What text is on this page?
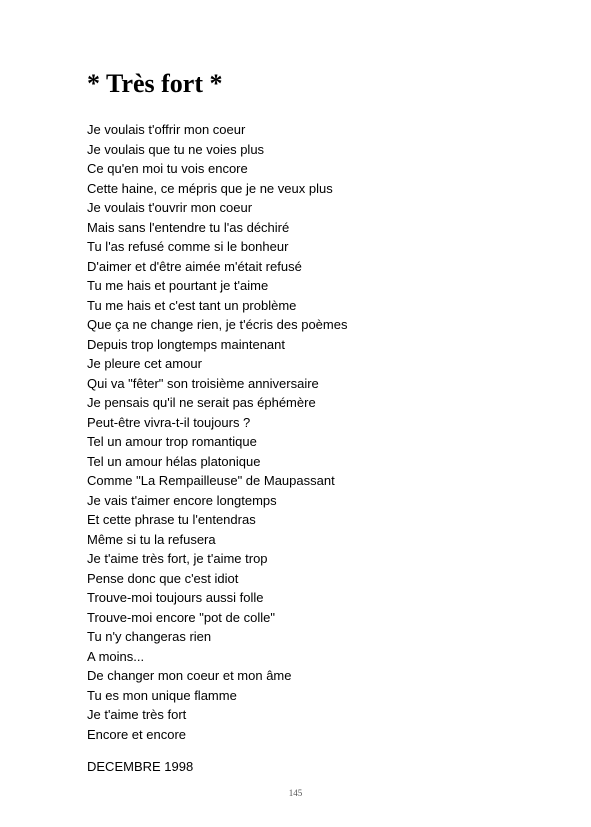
* Très fort *
Je voulais t'offrir mon coeur
Je voulais que tu ne voies plus
Ce qu'en moi tu vois encore
Cette haine, ce mépris que je ne veux plus
Je voulais t'ouvrir mon coeur
Mais sans l'entendre tu l'as déchiré
Tu l'as refusé comme si le bonheur
D'aimer et d'être aimée m'était refusé
Tu me hais et pourtant je t'aime
Tu me hais et c'est tant un problème
Que ça ne change rien, je t'écris des poèmes
Depuis trop longtemps maintenant
Je pleure cet amour
Qui va "fêter" son troisième anniversaire
Je pensais qu'il ne serait pas éphémère
Peut-être vivra-t-il toujours ?
Tel un amour trop romantique
Tel un amour hélas platonique
Comme "La Rempailleuse" de Maupassant
Je vais t'aimer encore longtemps
Et cette phrase tu l'entendras
Même si tu la refusera
Je t'aime très fort, je t'aime trop
Pense donc que c'est idiot
Trouve-moi toujours aussi folle
Trouve-moi encore "pot de colle"
Tu n'y changeras rien
A moins...
De changer mon coeur et mon âme
Tu es mon unique flamme
Je t'aime très fort
Encore et encore

DECEMBRE 1998

145
